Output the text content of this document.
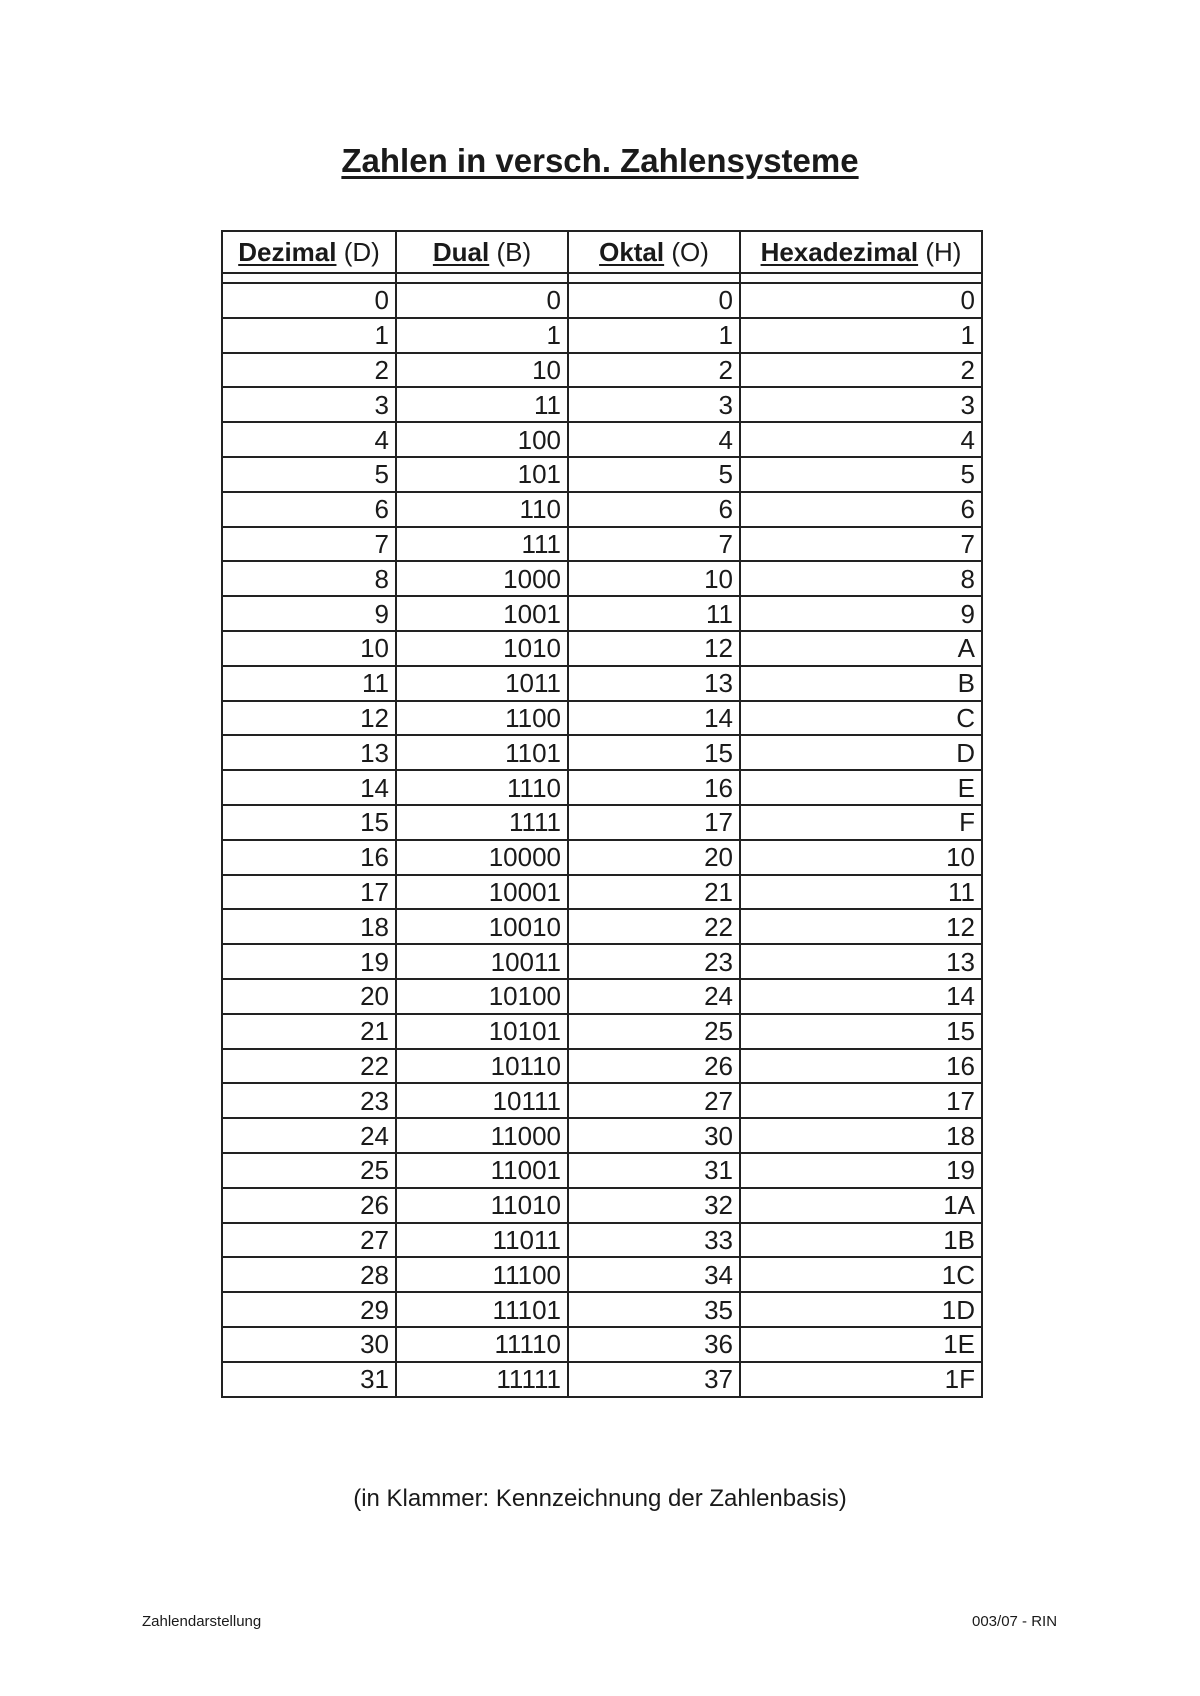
Zahlen in versch. Zahlensysteme
Dezimal (D)	Dual (B)	Oktal (O)	Hexadezimal (H)

0	0	0	0
1	1	1	1
2	10	2	2
3	11	3	3
4	100	4	4
5	101	5	5
6	110	6	6
7	111	7	7
8	1000	10	8
9	1001	11	9
10	1010	12	A
11	1011	13	B
12	1100	14	C
13	1101	15	D
14	1110	16	E
15	1111	17	F
16	10000	20	10
17	10001	21	11
18	10010	22	12
19	10011	23	13
20	10100	24	14
21	10101	25	15
22	10110	26	16
23	10111	27	17
24	11000	30	18
25	11001	31	19
26	11010	32	1A
27	11011	33	1B
28	11100	34	1C
29	11101	35	1D
30	11110	36	1E
31	11111	37	1F
(in Klammer: Kennzeichnung der Zahlenbasis)
Zahlendarstellung	003/07 - RIN
